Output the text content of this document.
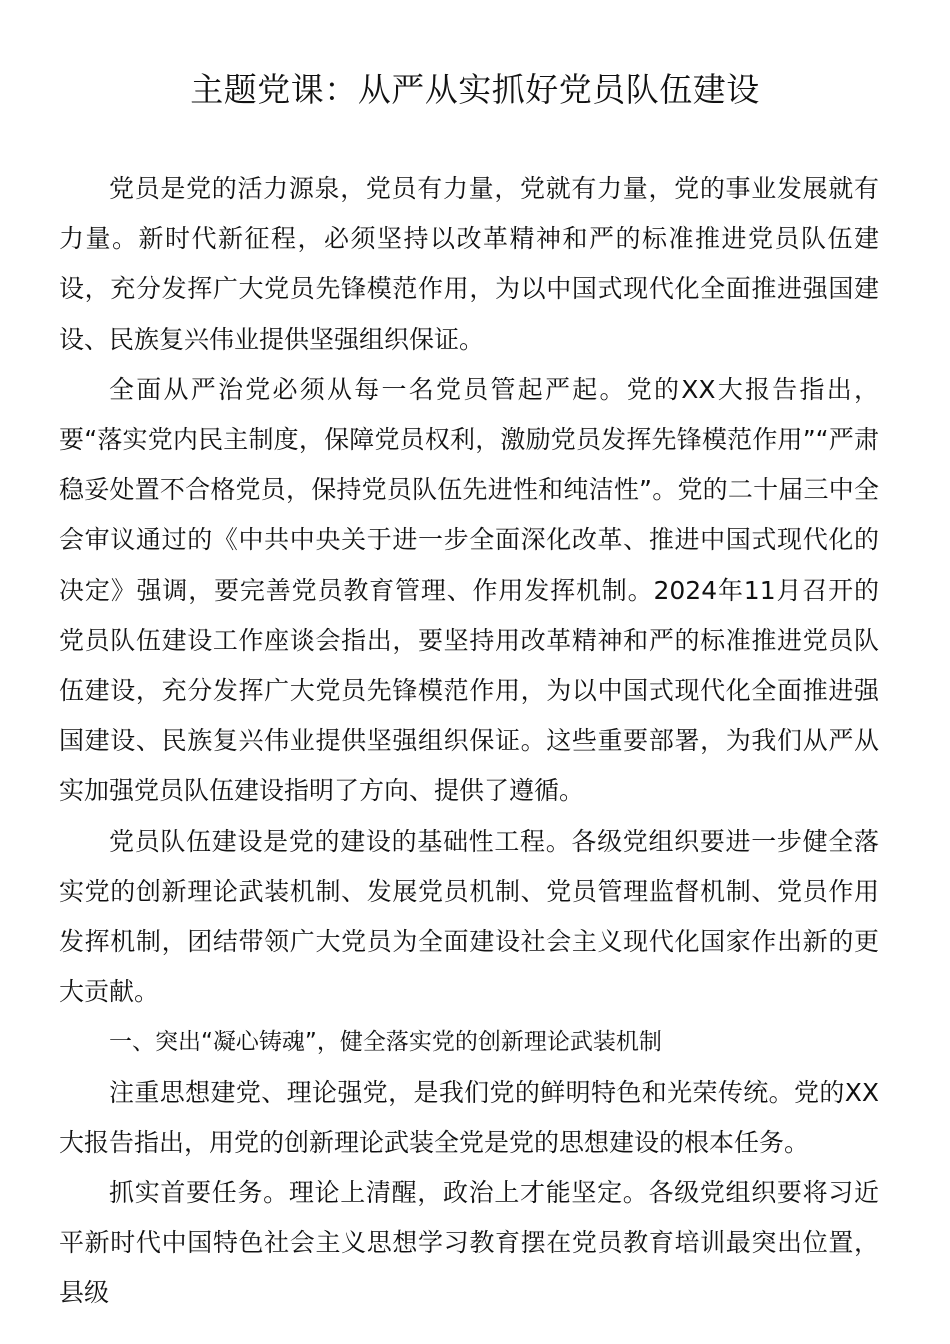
主题党课：从严从实抓好党员队伍建设

党员是党的活力源泉，党员有力量，党就有力量，党的事业发展就有力量。新时代新征程，必须坚持以改革精神和严的标准推进党员队伍建设，充分发挥广大党员先锋模范作用，为以中国式现代化全面推进强国建设、民族复兴伟业提供坚强组织保证。

全面从严治党必须从每一名党员管起严起。党的XX大报告指出，要“落实党内民主制度，保障党员权利，激励党员发挥先锋模范作用”“严肃稳妥处置不合格党员，保持党员队伍先进性和纯洁性”。党的二十届三中全会审议通过的《中共中央关于进一步全面深化改革、推进中国式现代化的决定》强调，要完善党员教育管理、作用发挥机制。2024年11月召开的党员队伍建设工作座谈会指出，要坚持用改革精神和严的标准推进党员队伍建设，充分发挥广大党员先锋模范作用，为以中国式现代化全面推进强国建设、民族复兴伟业提供坚强组织保证。这些重要部署，为我们从严从实加强党员队伍建设指明了方向、提供了遵循。

党员队伍建设是党的建设的基础性工程。各级党组织要进一步健全落实党的创新理论武装机制、发展党员机制、党员管理监督机制、党员作用发挥机制，团结带领广大党员为全面建设社会主义现代化国家作出新的更大贡献。

一、突出“凝心铸魂”，健全落实党的创新理论武装机制

注重思想建党、理论强党，是我们党的鲜明特色和光荣传统。党的XX大报告指出，用党的创新理论武装全党是党的思想建设的根本任务。

抓实首要任务。理论上清醒，政治上才能坚定。各级党组织要将习近平新时代中国特色社会主义思想学习教育摆在党员教育培训最突出位置，县级
